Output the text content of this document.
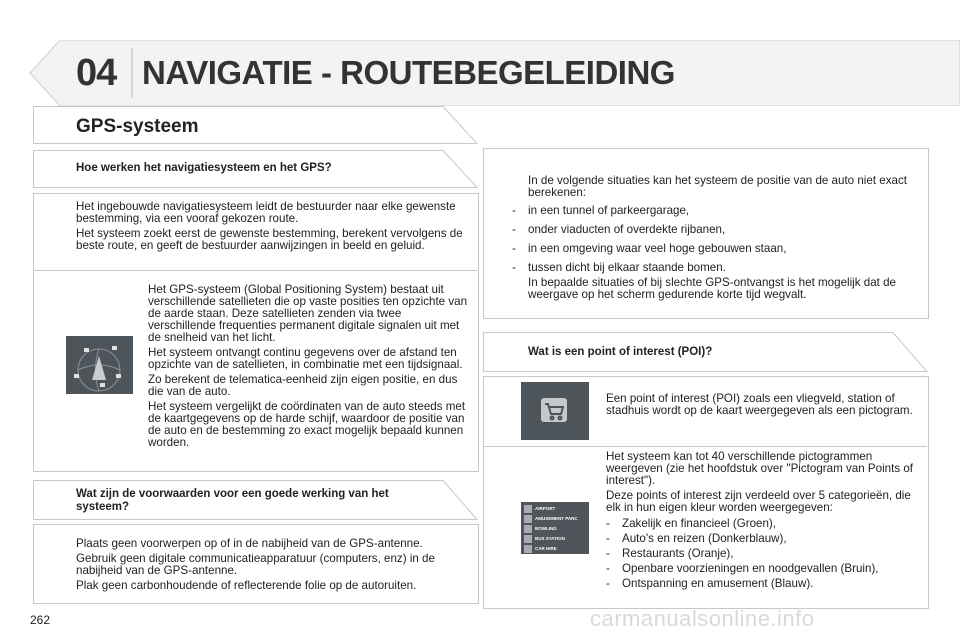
04 NAVIGATIE - ROUTEBEGELEIDING
GPS-systeem
Hoe werken het navigatiesysteem en het GPS?

Het ingebouwde navigatiesysteem leidt de bestuurder naar elke gewenste bestemming, via een vooraf gekozen route.

Het systeem zoekt eerst de gewenste bestemming, berekent vervolgens de beste route, en geeft de bestuurder aanwijzingen in beeld en geluid.

Het GPS-systeem (Global Positioning System) bestaat uit verschillende satellieten die op vaste posities ten opzichte van de aarde staan. Deze satellieten zenden via twee verschillende frequenties permanent digitale signalen uit met de snelheid van het licht.

Het systeem ontvangt continu gegevens over de afstand ten opzichte van de satellieten, in combinatie met een tijdsignaal.

Zo berekent de telematica-eenheid zijn eigen positie, en dus die van de auto.

Het systeem vergelijkt de coördinaten van de auto steeds met de kaartgegevens op de harde schijf, waardoor de positie van de auto en de bestemming zo exact mogelijk bepaald kunnen worden.

Wat zijn de voorwaarden voor een goede werking van het systeem?

Plaats geen voorwerpen op of in de nabijheid van de GPS-antenne.

Gebruik geen digitale communicatieapparatuur (computers, enz) in de nabijheid van de GPS-antenne.

Plak geen carbonhoudende of reflecterende folie op de autoruiten.

In de volgende situaties kan het systeem de positie van de auto niet exact berekenen:

- in een tunnel of parkeergarage,
- onder viaducten of overdekte rijbanen,
- in een omgeving waar veel hoge gebouwen staan,
- tussen dicht bij elkaar staande bomen.

In bepaalde situaties of bij slechte GPS-ontvangst is het mogelijk dat de weergave op het scherm gedurende korte tijd wegvalt.

Wat is een point of interest (POI)?

Een point of interest (POI) zoals een vliegveld, station of stadhuis wordt op de kaart weergegeven als een pictogram.

AIRPORT
AMUSEMENT PARC
BOWLING
BUS STATION
CAR HIRE

Het systeem kan tot 40 verschillende pictogrammen weergeven (zie het hoofdstuk over "Pictogram van Points of interest").

Deze points of interest zijn verdeeld over 5 categorieën, die elk in hun eigen kleur worden weergegeven:

- Zakelijk en financieel (Groen),
- Auto's en reizen (Donkerblauw),
- Restaurants (Oranje),
- Openbare voorzieningen en noodgevallen (Bruin),
- Ontspanning en amusement (Blauw).
262	carmanualsonline.info
